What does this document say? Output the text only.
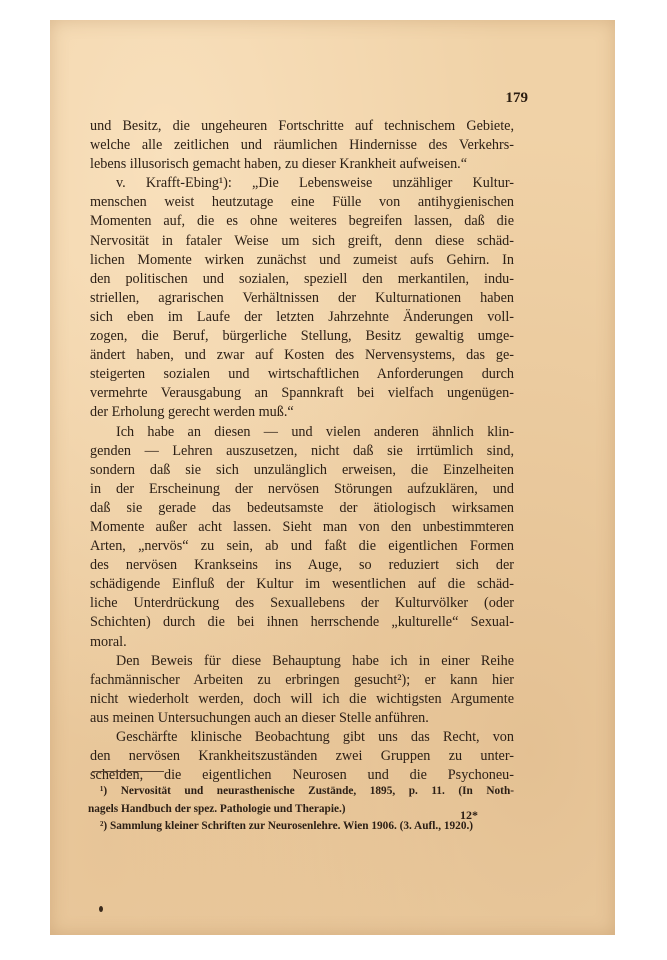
179
und Besitz, die ungeheuren Fortschritte auf technischem Gebiete,
welche alle zeitlichen und räumlichen Hindernisse des Verkehrs-
lebens illusorisch gemacht haben, zu dieser Krankheit aufweisen.“
v. Krafft-Ebing¹): „Die Lebensweise unzähliger Kultur-
menschen weist heutzutage eine Fülle von antihygienischen
Momenten auf, die es ohne weiteres begreifen lassen, daß die
Nervosität in fataler Weise um sich greift, denn diese schäd-
lichen Momente wirken zunächst und zumeist aufs Gehirn. In
den politischen und sozialen, speziell den merkantilen, indu-
striellen, agrarischen Verhältnissen der Kulturnationen haben
sich eben im Laufe der letzten Jahrzehnte Änderungen voll-
zogen, die Beruf, bürgerliche Stellung, Besitz gewaltig umge-
ändert haben, und zwar auf Kosten des Nervensystems, das ge-
steigerten sozialen und wirtschaftlichen Anforderungen durch
vermehrte Verausgabung an Spannkraft bei vielfach ungenügen-
der Erholung gerecht werden muß.“
Ich habe an diesen — und vielen anderen ähnlich klin-
genden — Lehren auszusetzen, nicht daß sie irrtümlich sind,
sondern daß sie sich unzulänglich erweisen, die Einzelheiten
in der Erscheinung der nervösen Störungen aufzuklären, und
daß sie gerade das bedeutsamste der ätiologisch wirksamen
Momente außer acht lassen. Sieht man von den unbestimmteren
Arten, „nervös“ zu sein, ab und faßt die eigentlichen Formen
des nervösen Krankseins ins Auge, so reduziert sich der
schädigende Einfluß der Kultur im wesentlichen auf die schäd-
liche Unterdrückung des Sexuallebens der Kulturvölker (oder
Schichten) durch die bei ihnen herrschende „kulturelle“ Sexual-
moral.
Den Beweis für diese Behauptung habe ich in einer Reihe
fachmännischer Arbeiten zu erbringen gesucht²); er kann hier
nicht wiederholt werden, doch will ich die wichtigsten Argumente
aus meinen Untersuchungen auch an dieser Stelle anführen.
Geschärfte klinische Beobachtung gibt uns das Recht, von
den nervösen Krankheitszuständen zwei Gruppen zu unter-
scheiden, die eigentlichen Neurosen und die Psychoneu-
¹) Nervosität und neurasthenische Zustände, 1895, p. 11. (In Noth-
nagels Handbuch der spez. Pathologie und Therapie.)
²) Sammlung kleiner Schriften zur Neurosenlehre. Wien 1906. (3. Aufl., 1920.)
12*
